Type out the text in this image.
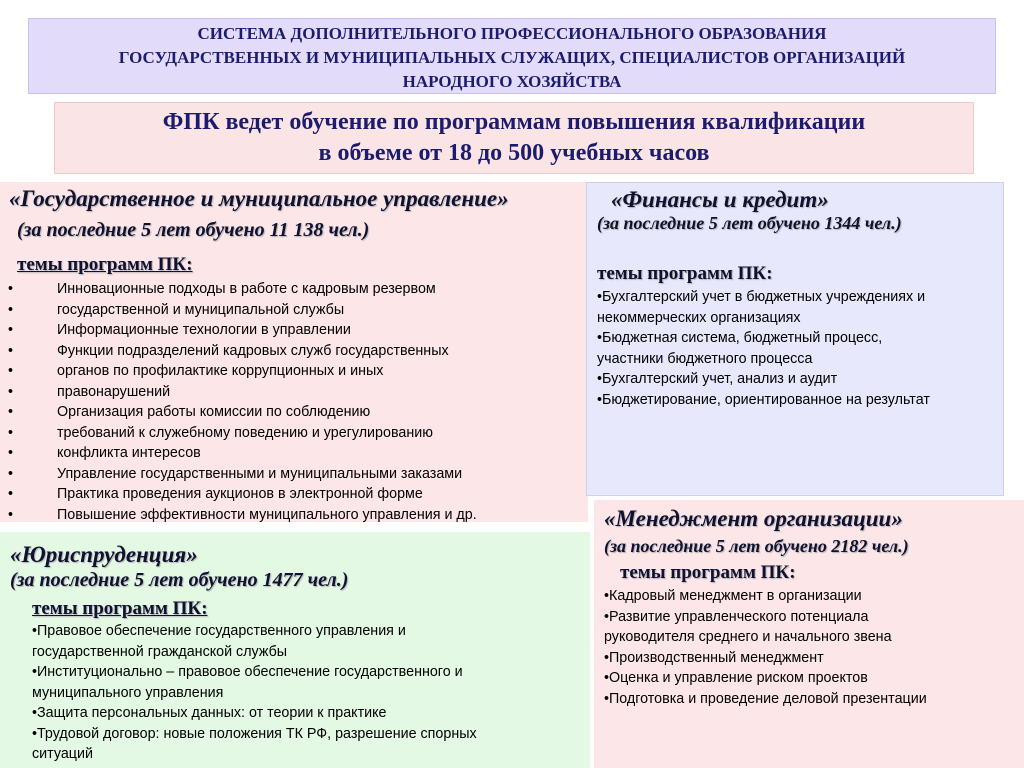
СИСТЕМА ДОПОЛНИТЕЛЬНОГО ПРОФЕССИОНАЛЬНОГО ОБРАЗОВАНИЯ
ГОСУДАРСТВЕННЫХ И МУНИЦИПАЛЬНЫХ СЛУЖАЩИХ, СПЕЦИАЛИСТОВ ОРГАНИЗАЦИЙ
НАРОДНОГО ХОЗЯЙСТВА
ФПК ведет обучение по программам повышения квалификации
в объеме от 18 до 500 учебных часов
«Государственное и муниципальное управление»
(за последние 5 лет обучено 11 138 чел.)
темы программ ПК:
•	Инновационные подходы в работе с кадровым резервом
•	государственной и муниципальной службы
•	Информационные технологии в управлении
•	Функции подразделений кадровых служб государственных
•	органов по профилактике коррупционных и иных
•	правонарушений
•	Организация работы комиссии по соблюдению
•	требований к служебному поведению и урегулированию
•	конфликта интересов
•	Управление государственными и муниципальными заказами
•	Практика проведения аукционов в электронной форме
•	Повышение эффективности муниципального управления и др.
«Финансы и кредит»
(за последние 5 лет обучено 1344 чел.)
темы программ ПК:
•Бухгалтерский учет в бюджетных учреждениях и
некоммерческих организациях
•Бюджетная система, бюджетный процесс,
участники бюджетного процесса
•Бухгалтерский учет, анализ и аудит
•Бюджетирование, ориентированное на результат
«Юриспруденция»
(за последние 5 лет обучено 1477 чел.)
темы программ ПК:
•Правовое обеспечение государственного управления и
государственной гражданской службы
•Институционально – правовое обеспечение государственного и
муниципального управления
•Защита персональных данных: от теории к практике
•Трудовой договор: новые положения ТК РФ, разрешение спорных
ситуаций
«Менеджмент организации»
(за последние 5 лет обучено 2182 чел.)
темы программ ПК:
•Кадровый менеджмент в организации
•Развитие управленческого потенциала
руководителя среднего и начального звена
•Производственный менеджмент
•Оценка и управление риском проектов
•Подготовка и проведение деловой презентации
